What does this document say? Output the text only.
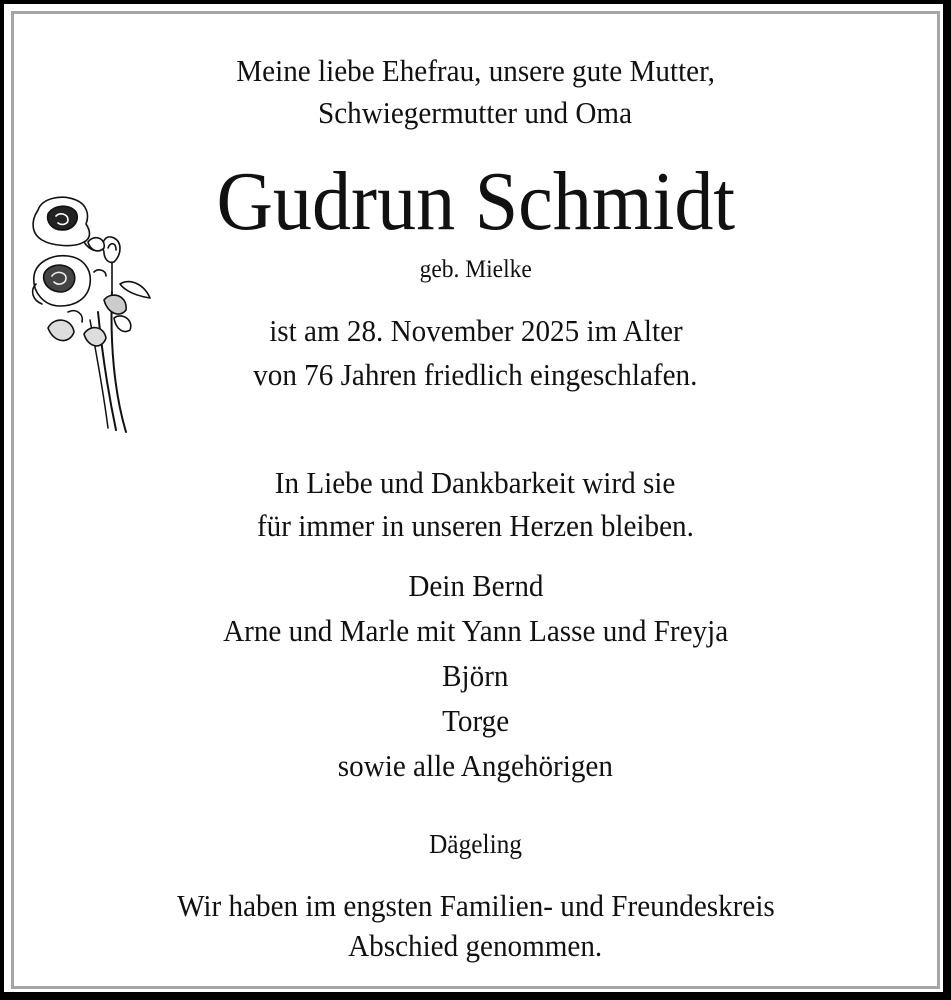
Meine liebe Ehefrau, unsere gute Mutter,
Schwiegermutter und Oma
Gudrun Schmidt
geb. Mielke
ist am 28. November 2025 im Alter
von 76 Jahren friedlich eingeschlafen.
In Liebe und Dankbarkeit wird sie
für immer in unseren Herzen bleiben.
Dein Bernd
Arne und Marle mit Yann Lasse und Freyja
Björn
Torge
sowie alle Angehörigen
Dägeling
Wir haben im engsten Familien- und Freundeskreis
Abschied genommen.
